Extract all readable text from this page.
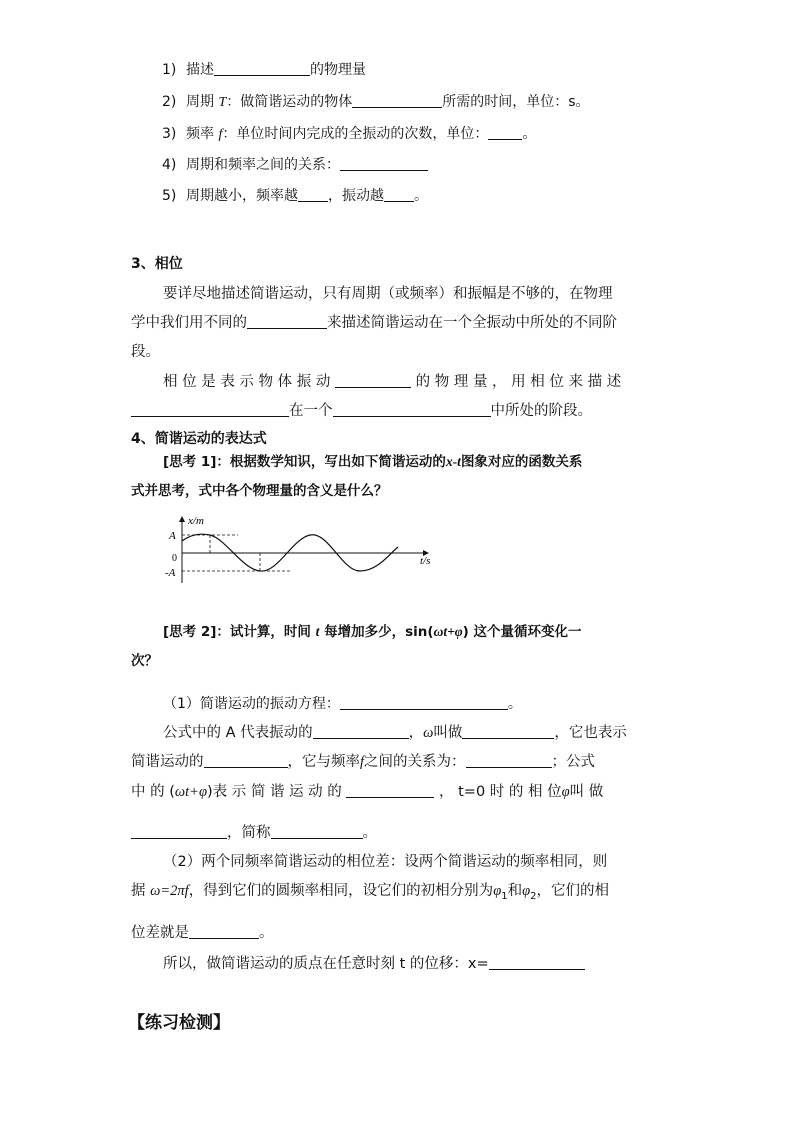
1) 描述	的物理量
2) 周期 T：做简谐运动的物体	所需的时间，单位：s。
3) 频率 f：单位时间内完成的全振动的次数，单位： 。
4) 周期和频率之间的关系：
5) 周期越小，频率越 ，振动越 。
3、相位
要详尽地描述简谐运动，只有周期（或频率）和振幅是不够的，在物理
学中我们用不同的	来描述简谐运动在一个全振动中所处的不同阶
段。
相 位 是 表 示 物 体 振 动	的 物 理 量 ， 用 相 位 来 描 述
在一个	中所处的阶段。
4、简谐运动的表达式
[思考 1]：根据数学知识，写出如下简谐运动的x-t图象对应的函数关系
式并思考，式中各个物理量的含义是什么？
x/m
t/s
A
-A
0
[思考 2]：试计算，时间 t 每增加多少，sin(ωt+φ) 这个量循环变化一
次？
（1）简谐运动的振动方程：	。
公式中的 A 代表振动的	，ω叫做	，它也表示
简谐运动的	，它与频率f之间的关系为：	；公式
中 的 (ωt+φ)表 示 简 谐 运 动 的	， t=0 时 的 相 位φ叫 做
，简称	。
（2）两个同频率简谐运动的相位差：设两个简谐运动的频率相同，则
据 ω=2πf，得到它们的圆频率相同，设它们的初相分别为$\varphi_1$和$\varphi_2$，它们的相
位差就是	。
所以，做简谐运动的质点在任意时刻 t 的位移：x=
【练习检测】
